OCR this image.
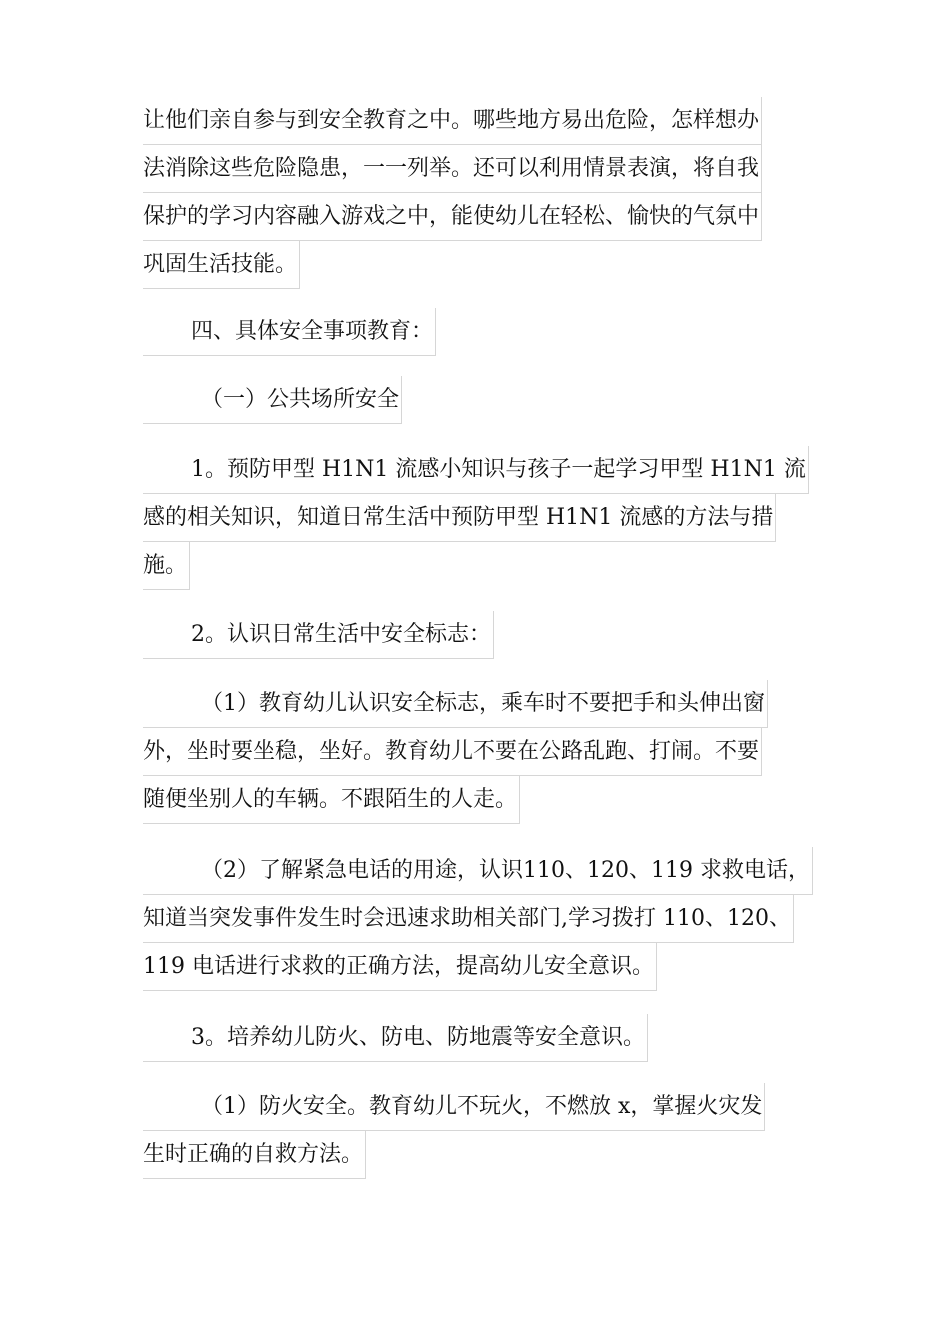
让他们亲自参与到安全教育之中。哪些地方易出危险，怎样想办
法消除这些危险隐患，一一列举。还可以利用情景表演，将自我
保护的学习内容融入游戏之中，能使幼儿在轻松、愉快的气氛中
巩固生活技能。
四、具体安全事项教育：
（一）公共场所安全
1。预防甲型 H1N1 流感小知识与孩子一起学习甲型 H1N1 流
感的相关知识，知道日常生活中预防甲型 H1N1 流感的方法与措
施。
2。认识日常生活中安全标志：
（1）教育幼儿认识安全标志，乘车时不要把手和头伸出窗
外，坐时要坐稳，坐好。教育幼儿不要在公路乱跑、打闹。不要
随便坐别人的车辆。不跟陌生的人走。
（2）了解紧急电话的用途，认识110、120、119 求救电话，
知道当突发事件发生时会迅速求助相关部门,学习拨打 110、120、
119 电话进行求救的正确方法，提高幼儿安全意识。
3。培养幼儿防火、防电、防地震等安全意识。
（1）防火安全。教育幼儿不玩火，不燃放 x，掌握火灾发
生时正确的自救方法。
